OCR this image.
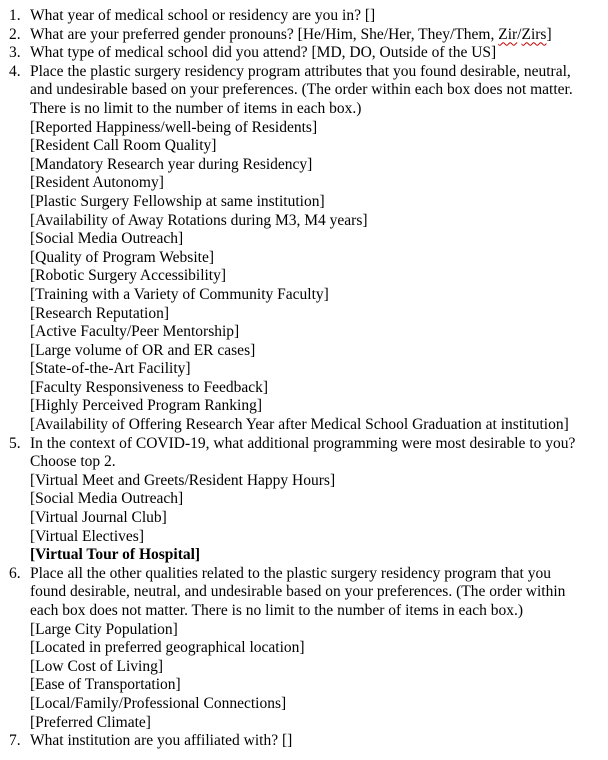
1. What year of medical school or residency are you in? []
2. What are your preferred gender pronouns? [He/Him, She/Her, They/Them, Zir/Zirs]
3. What type of medical school did you attend? [MD, DO, Outside of the US]
4. Place the plastic surgery residency program attributes that you found desirable, neutral,
and undesirable based on your preferences. (The order within each box does not matter.
There is no limit to the number of items in each box.)
[Reported Happiness/well-being of Residents]
[Resident Call Room Quality]
[Mandatory Research year during Residency]
[Resident Autonomy]
[Plastic Surgery Fellowship at same institution]
[Availability of Away Rotations during M3, M4 years]
[Social Media Outreach]
[Quality of Program Website]
[Robotic Surgery Accessibility]
[Training with a Variety of Community Faculty]
[Research Reputation]
[Active Faculty/Peer Mentorship]
[Large volume of OR and ER cases]
[State-of-the-Art Facility]
[Faculty Responsiveness to Feedback]
[Highly Perceived Program Ranking]
[Availability of Offering Research Year after Medical School Graduation at institution]
5. In the context of COVID-19, what additional programming were most desirable to you?
Choose top 2.
[Virtual Meet and Greets/Resident Happy Hours]
[Social Media Outreach]
[Virtual Journal Club]
[Virtual Electives]
[Virtual Tour of Hospital]
6. Place all the other qualities related to the plastic surgery residency program that you
found desirable, neutral, and undesirable based on your preferences. (The order within
each box does not matter. There is no limit to the number of items in each box.)
[Large City Population]
[Located in preferred geographical location]
[Low Cost of Living]
[Ease of Transportation]
[Local/Family/Professional Connections]
[Preferred Climate]
7. What institution are you affiliated with? []
